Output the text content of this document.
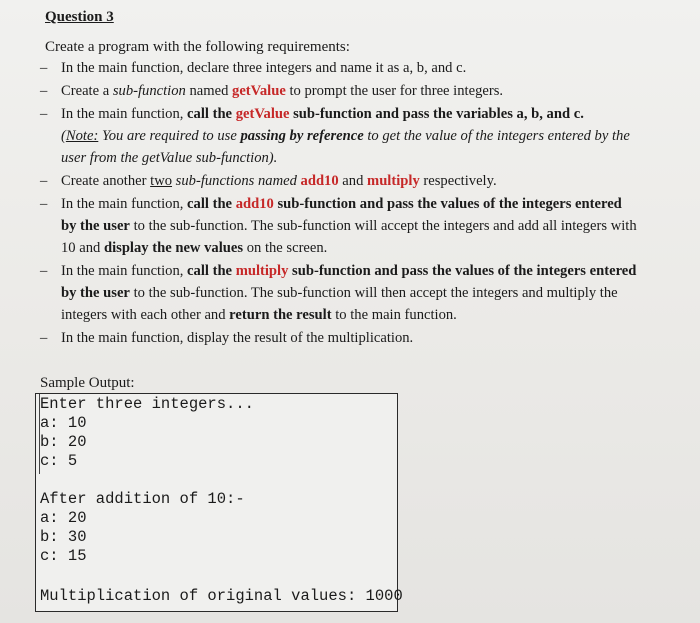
Question 3
Create a program with the following requirements:
– In the main function, declare three integers and name it as a, b, and c.
– Create a sub-function named getValue to prompt the user for three integers.
– In the main function, call the getValue sub-function and pass the variables a, b, and c.
(Note: You are required to use passing by reference to get the value of the integers entered by the user from the getValue sub-function).
– Create another two sub-functions named add10 and multiply respectively.
– In the main function, call the add10 sub-function and pass the values of the integers entered by the user to the sub-function. The sub-function will accept the integers and add all integers with 10 and display the new values on the screen.
– In the main function, call the multiply sub-function and pass the values of the integers entered by the user to the sub-function. The sub-function will then accept the integers and multiply the integers with each other and return the result to the main function.
– In the main function, display the result of the multiplication.
Sample Output:
Enter three integers...
a: 10
b: 20
c: 5
After addition of 10:-
a: 20
b: 30
c: 15
Multiplication of original values: 1000
